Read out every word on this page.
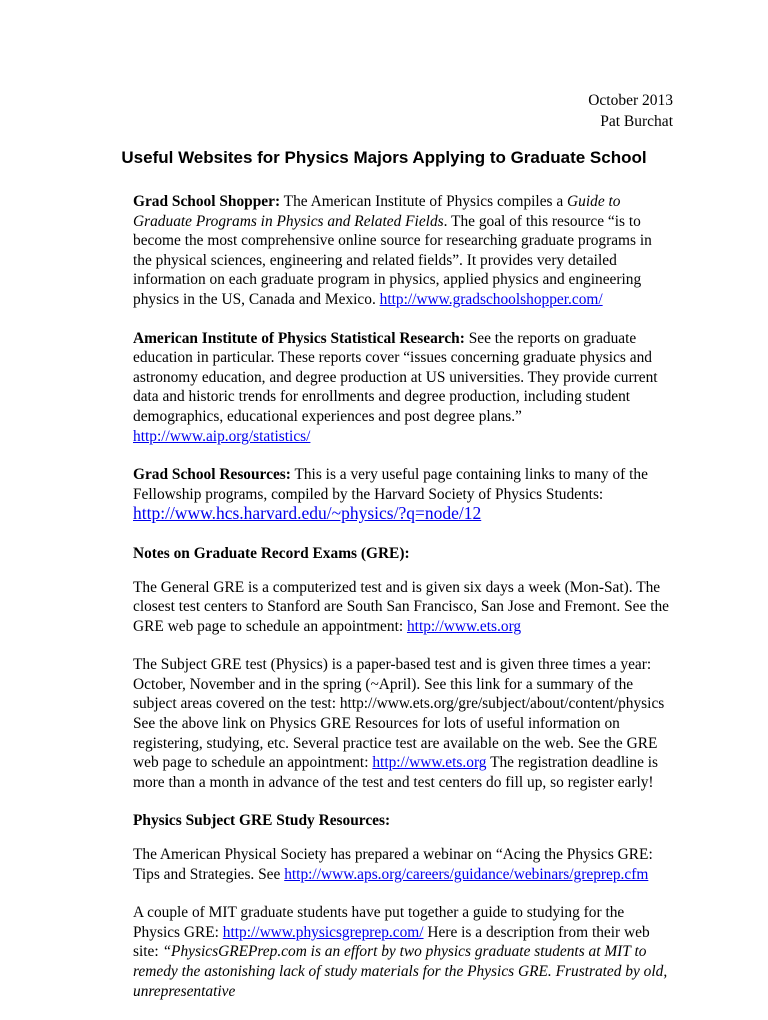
October 2013
Pat Burchat
Useful Websites for Physics Majors Applying to Graduate School

Grad School Shopper: The American Institute of Physics compiles a Guide to Graduate Programs in Physics and Related Fields. The goal of this resource “is to become the most comprehensive online source for researching graduate programs in the physical sciences, engineering and related fields”. It provides very detailed information on each graduate program in physics, applied physics and engineering physics in the US, Canada and Mexico. http://www.gradschoolshopper.com/

American Institute of Physics Statistical Research: See the reports on graduate education in particular. These reports cover “issues concerning graduate physics and astronomy education, and degree production at US universities. They provide current data and historic trends for enrollments and degree production, including student demographics, educational experiences and post degree plans.”
http://www.aip.org/statistics/

Grad School Resources: This is a very useful page containing links to many of the Fellowship programs, compiled by the Harvard Society of Physics Students:
http://www.hcs.harvard.edu/~physics/?q=node/12

Notes on Graduate Record Exams (GRE):

The General GRE is a computerized test and is given six days a week (Mon-Sat). The closest test centers to Stanford are South San Francisco, San Jose and Fremont. See the GRE web page to schedule an appointment: http://www.ets.org

The Subject GRE test (Physics) is a paper-based test and is given three times a year: October, November and in the spring (~April). See this link for a summary of the subject areas covered on the test: http://www.ets.org/gre/subject/about/content/physics See the above link on Physics GRE Resources for lots of useful information on registering, studying, etc. Several practice test are available on the web. See the GRE web page to schedule an appointment: http://www.ets.org The registration deadline is more than a month in advance of the test and test centers do fill up, so register early!

Physics Subject GRE Study Resources:

The American Physical Society has prepared a webinar on “Acing the Physics GRE: Tips and Strategies. See http://www.aps.org/careers/guidance/webinars/greprep.cfm

A couple of MIT graduate students have put together a guide to studying for the Physics GRE: http://www.physicsgreprep.com/ Here is a description from their web site: “PhysicsGREPrep.com is an effort by two physics graduate students at MIT to remedy the astonishing lack of study materials for the Physics GRE. Frustrated by old, unrepresentative
